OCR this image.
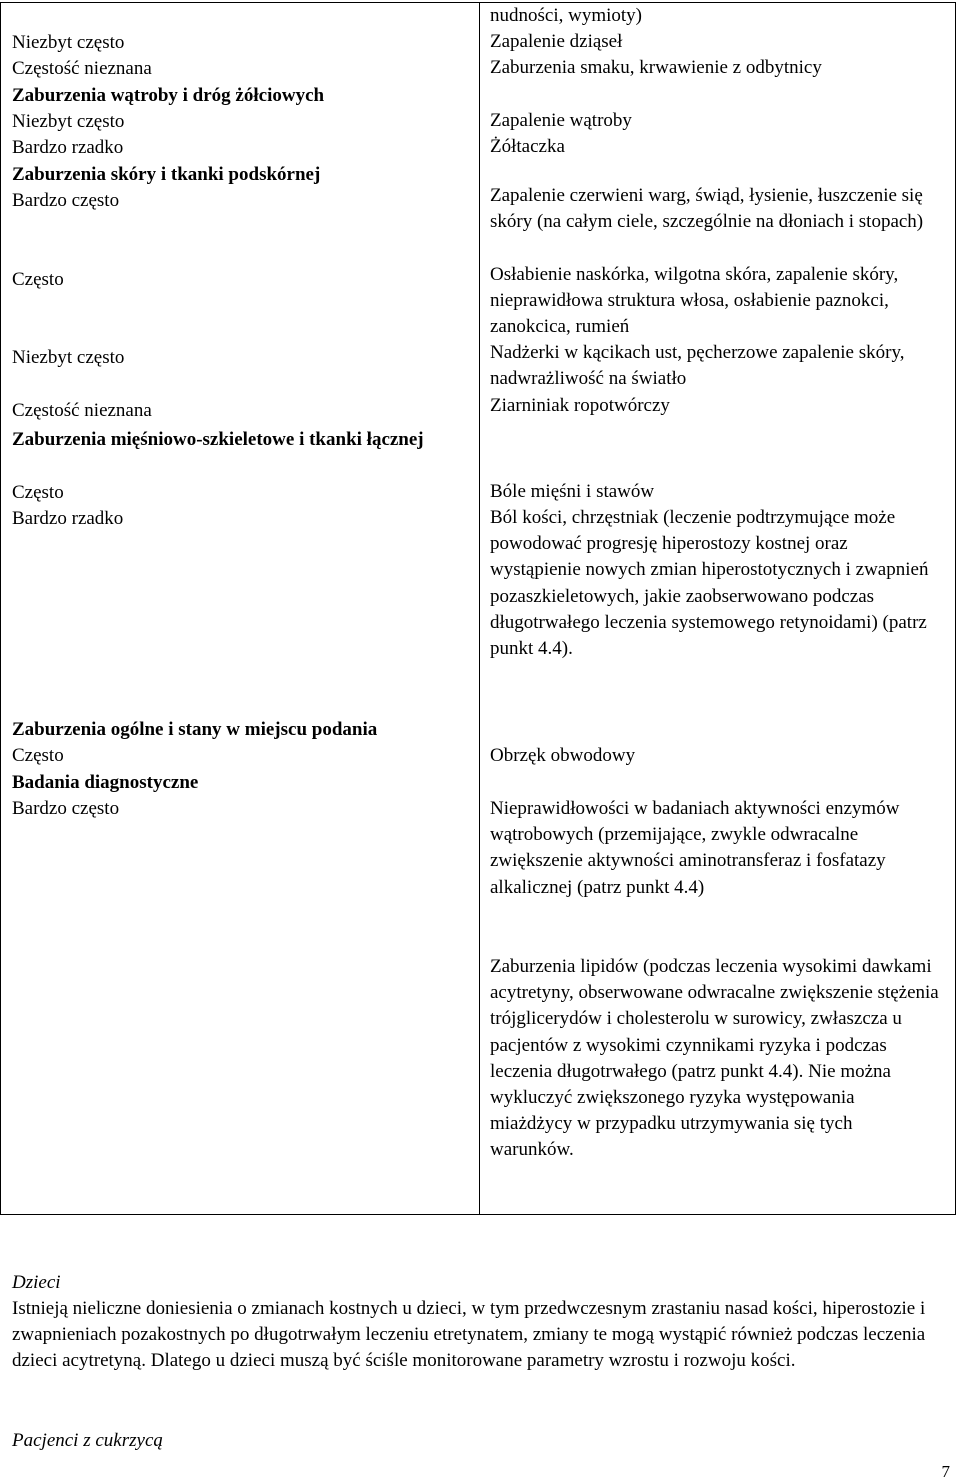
Niezbyt często

Częstość nieznana

Zaburzenia wątroby i dróg żółciowych

Niezbyt często

Bardzo rzadko

Zaburzenia skóry i tkanki podskórnej

Bardzo często

Często

Niezbyt często

Częstość nieznana

Zaburzenia mięśniowo-szkieletowe i tkanki łącznej

Często

Bardzo rzadko

Zaburzenia ogólne i stany w miejscu podania

Często

Badania diagnostyczne

Bardzo często

nudności, wymioty)

Zapalenie dziąseł

Zaburzenia smaku, krwawienie z odbytnicy

Zapalenie wątroby

Żółtaczka

Zapalenie czerwieni warg, świąd, łysienie, łuszczenie się skóry (na całym ciele, szczególnie na dłoniach i stopach)

Osłabienie naskórka, wilgotna skóra, zapalenie skóry, nieprawidłowa struktura włosa, osłabienie paznokci, zanokcica, rumień

Nadżerki w kącikach ust, pęcherzowe zapalenie skóry, nadwrażliwość na światło

Ziarniniak ropotwórczy

Bóle mięśni i stawów

Ból kości, chrzęstniak (leczenie podtrzymujące może powodować progresję hiperostozy kostnej oraz wystąpienie nowych zmian hiperostotycznych i zwapnień pozaszkieletowych, jakie zaobserwowano podczas długotrwałego leczenia systemowego retynoidami) (patrz punkt 4.4).

Obrzęk obwodowy

Nieprawidłowości w badaniach aktywności enzymów wątrobowych (przemijające, zwykle odwracalne zwiększenie aktywności aminotransferaz i fosfatazy alkalicznej (patrz punkt 4.4)

Zaburzenia lipidów (podczas leczenia wysokimi dawkami acytretyny, obserwowane odwracalne zwiększenie stężenia trójglicerydów i cholesterolu w surowicy, zwłaszcza u pacjentów z wysokimi czynnikami ryzyka i podczas leczenia długotrwałego (patrz punkt 4.4). Nie można wykluczyć zwiększonego ryzyka występowania miażdżycy w przypadku utrzymywania się tych warunków.

Dzieci

Istnieją nieliczne doniesienia o zmianach kostnych u dzieci, w tym przedwczesnym zrastaniu nasad kości, hiperostozie i zwapnieniach pozakostnych po długotrwałym leczeniu etretynatem, zmiany te mogą wystąpić również podczas leczenia dzieci acytretyną. Dlatego u dzieci muszą być ściśle monitorowane parametry wzrostu i rozwoju kości.

Pacjenci z cukrzycą

7
